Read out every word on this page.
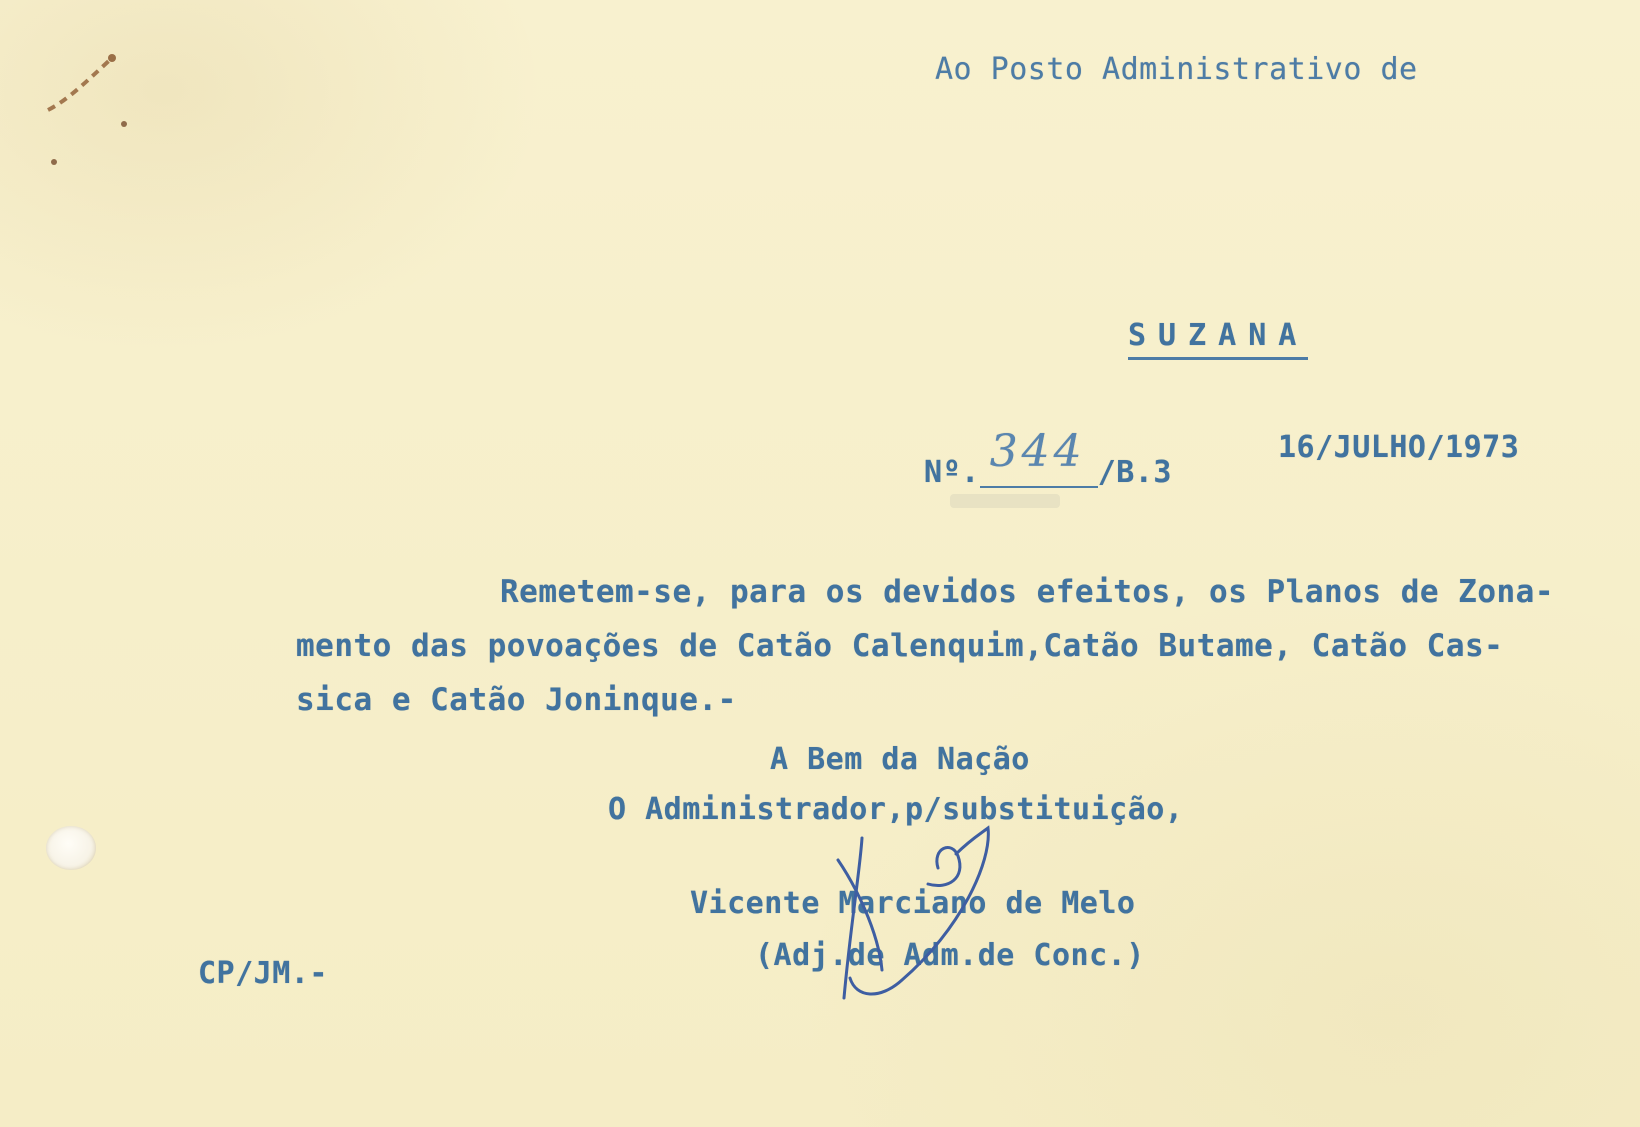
Ao Posto Administrativo de
SUZANA
Nº. 344 /B.3
16/JULHO/1973
Remetem-se, para os devidos efeitos, os Planos de Zona-
mento das povoações de Catão Calenquim,Catão Butame, Catão Cas-
sica e Catão Joninque.-
A Bem da Nação
O Administrador,p/substituição,
Vicente Marciano de Melo
(Adj.de Adm.de Conc.)
CP/JM.-
